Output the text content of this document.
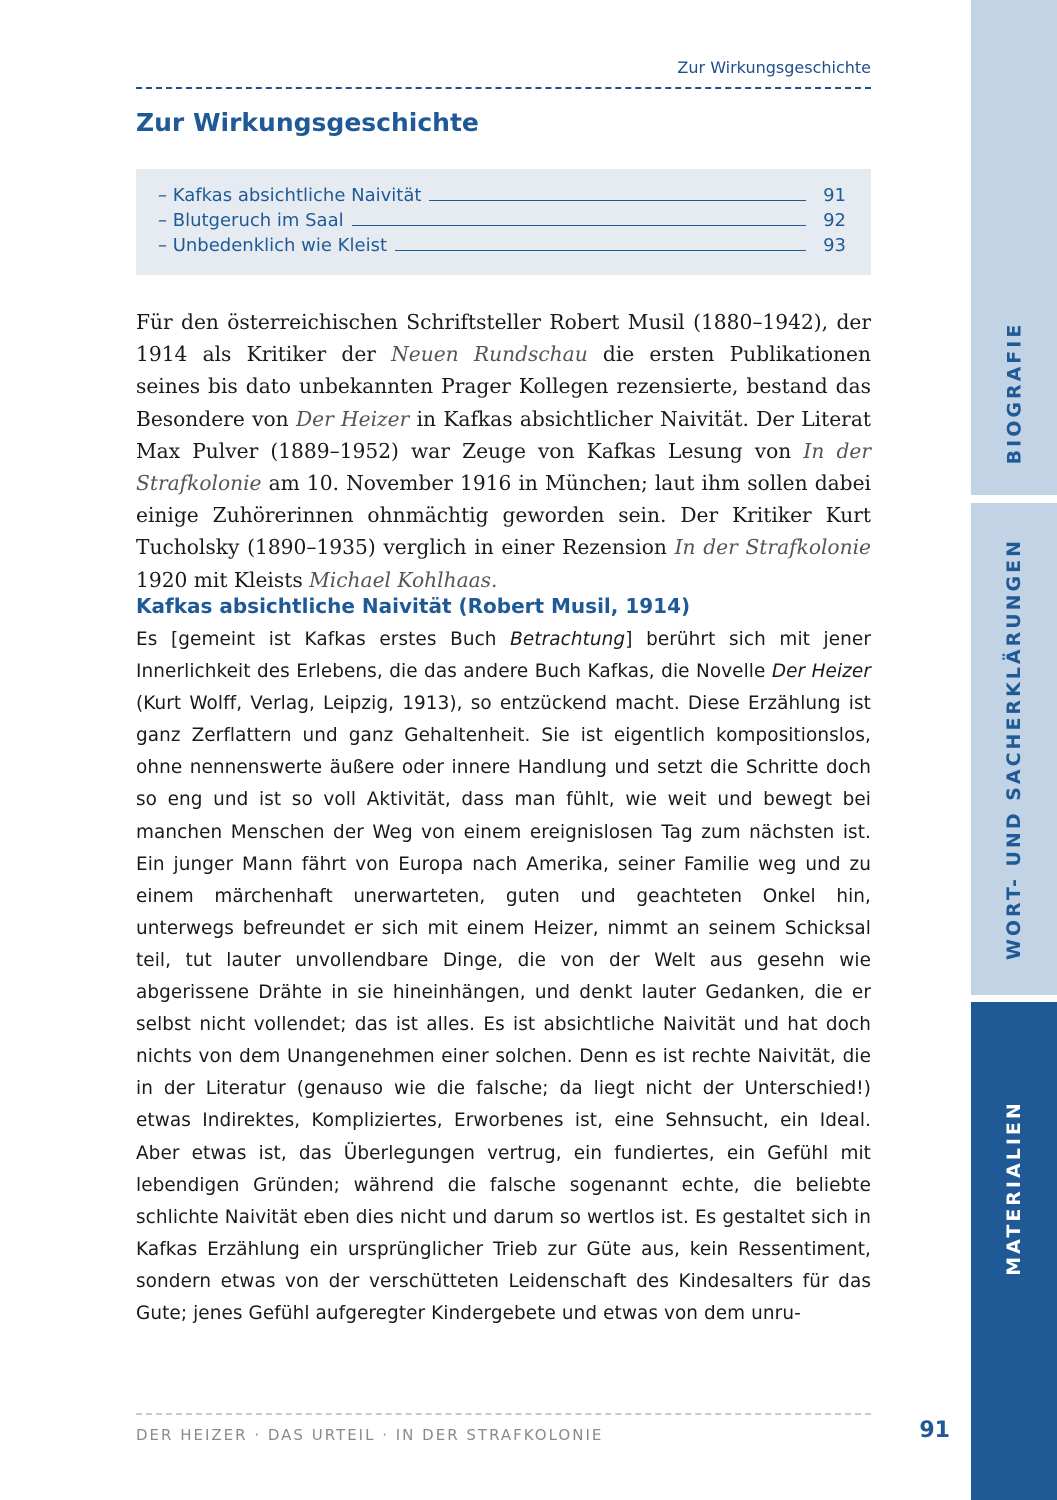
Zur Wirkungsgeschichte
Zur Wirkungsgeschichte
– Kafkas absichtliche Naivität	91
– Blutgeruch im Saal	92
– Unbedenklich wie Kleist	93

Für den österreichischen Schriftsteller Robert Musil (1880–1942), der 1914 als Kritiker der Neuen Rundschau die ersten Publikationen seines bis dato unbekannten Prager Kollegen rezensierte, bestand das Besondere von Der Heizer in Kafkas absichtlicher Naivität. Der Literat Max Pulver (1889–1952) war Zeuge von Kafkas Lesung von In der Strafkolonie am 10. November 1916 in München; laut ihm sollen dabei einige Zuhörerinnen ohnmächtig geworden sein. Der Kritiker Kurt Tucholsky (1890–1935) verglich in einer Rezension In der Strafkolonie 1920 mit Kleists Michael Kohlhaas.

Kafkas absichtliche Naivität (Robert Musil, 1914)

Es [gemeint ist Kafkas erstes Buch Betrachtung] berührt sich mit jener Innerlichkeit des Erlebens, die das andere Buch Kafkas, die Novelle Der Heizer (Kurt Wolff, Verlag, Leipzig, 1913), so entzückend macht. Diese Erzählung ist ganz Zerflattern und ganz Gehaltenheit. Sie ist eigentlich kompositionslos, ohne nennenswerte äußere oder innere Handlung und setzt die Schritte doch so eng und ist so voll Aktivität, dass man fühlt, wie weit und bewegt bei manchen Menschen der Weg von einem ereignislosen Tag zum nächsten ist. Ein junger Mann fährt von Europa nach Amerika, seiner Familie weg und zu einem märchenhaft unerwarteten, guten und geachteten Onkel hin, unterwegs befreundet er sich mit einem Heizer, nimmt an seinem Schicksal teil, tut lauter unvollendbare Dinge, die von der Welt aus gesehn wie abgerissene Drähte in sie hineinhängen, und denkt lauter Gedanken, die er selbst nicht vollendet; das ist alles. Es ist absichtliche Naivität und hat doch nichts von dem Unangenehmen einer solchen. Denn es ist rechte Naivität, die in der Literatur (genauso wie die falsche; da liegt nicht der Unterschied!) etwas Indirektes, Kompliziertes, Erworbenes ist, eine Sehnsucht, ein Ideal. Aber etwas ist, das Überlegungen vertrug, ein fundiertes, ein Gefühl mit lebendigen Gründen; während die falsche sogenannt echte, die beliebte schlichte Naivität eben dies nicht und darum so wertlos ist. Es gestaltet sich in Kafkas Erzählung ein ursprünglicher Trieb zur Güte aus, kein Ressentiment, sondern etwas von der verschütteten Leidenschaft des Kindesalters für das Gute; jenes Gefühl aufgeregter Kindergebete und etwas von dem unru-

DER HEIZER · DAS URTEIL · IN DER STRAFKOLONIE	91
BIOGRAFIE
WORT- UND SACHERKLÄRUNGEN
MATERIALIEN
